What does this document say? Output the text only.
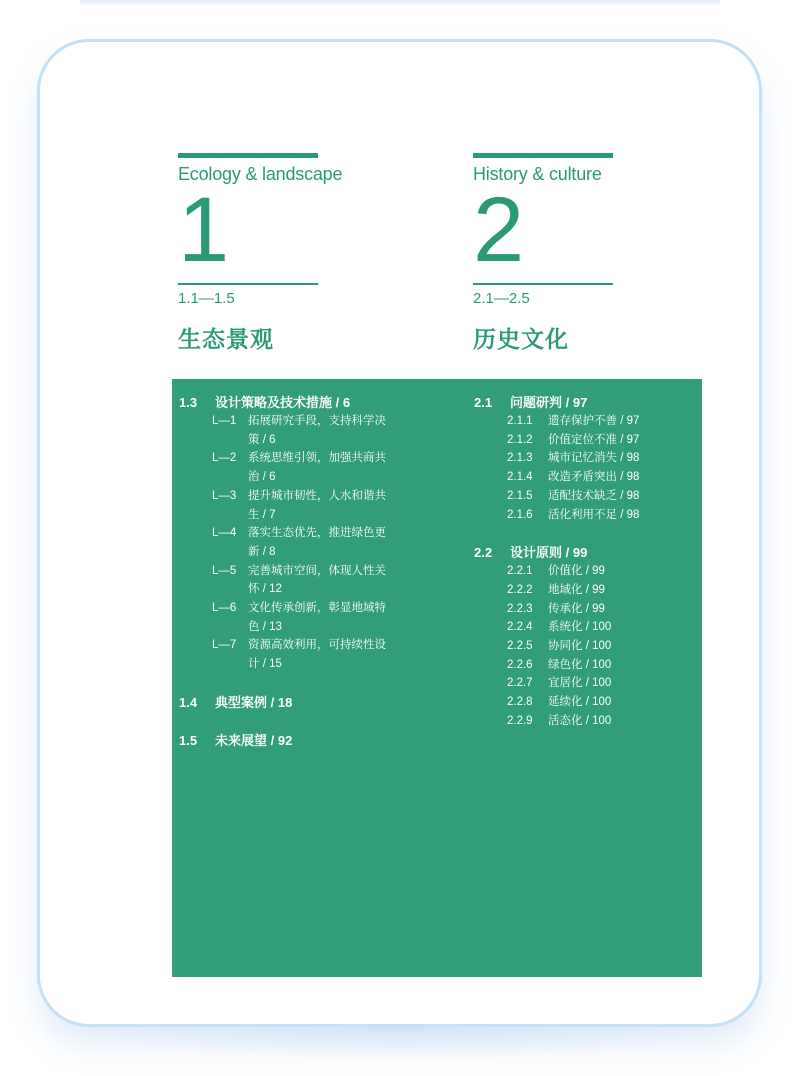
Ecology & landscape
1
1.1—1.5
生态景观
History & culture
2
2.1—2.5
历史文化
1.3	设计策略及技术措施 / 6
L—1	拓展研究手段，支持科学决策 / 6
L—2	系统思维引领，加强共商共治 / 6
L—3	提升城市韧性，人水和谐共生 / 7
L—4	落实生态优先，推进绿色更新 / 8
L—5	完善城市空间，体现人性关怀 / 12
L—6	文化传承创新，彰显地域特色 / 13
L—7	资源高效利用，可持续性设计 / 15
1.4	典型案例 / 18
1.5	未来展望 / 92
2.1	问题研判 / 97
2.1.1	遗存保护不善 / 97
2.1.2	价值定位不准 / 97
2.1.3	城市记忆消失 / 98
2.1.4	改造矛盾突出 / 98
2.1.5	适配技术缺乏 / 98
2.1.6	活化利用不足 / 98
2.2	设计原则 / 99
2.2.1	价值化 / 99
2.2.2	地域化 / 99
2.2.3	传承化 / 99
2.2.4	系统化 / 100
2.2.5	协同化 / 100
2.2.6	绿色化 / 100
2.2.7	宜居化 / 100
2.2.8	延续化 / 100
2.2.9	活态化 / 100
